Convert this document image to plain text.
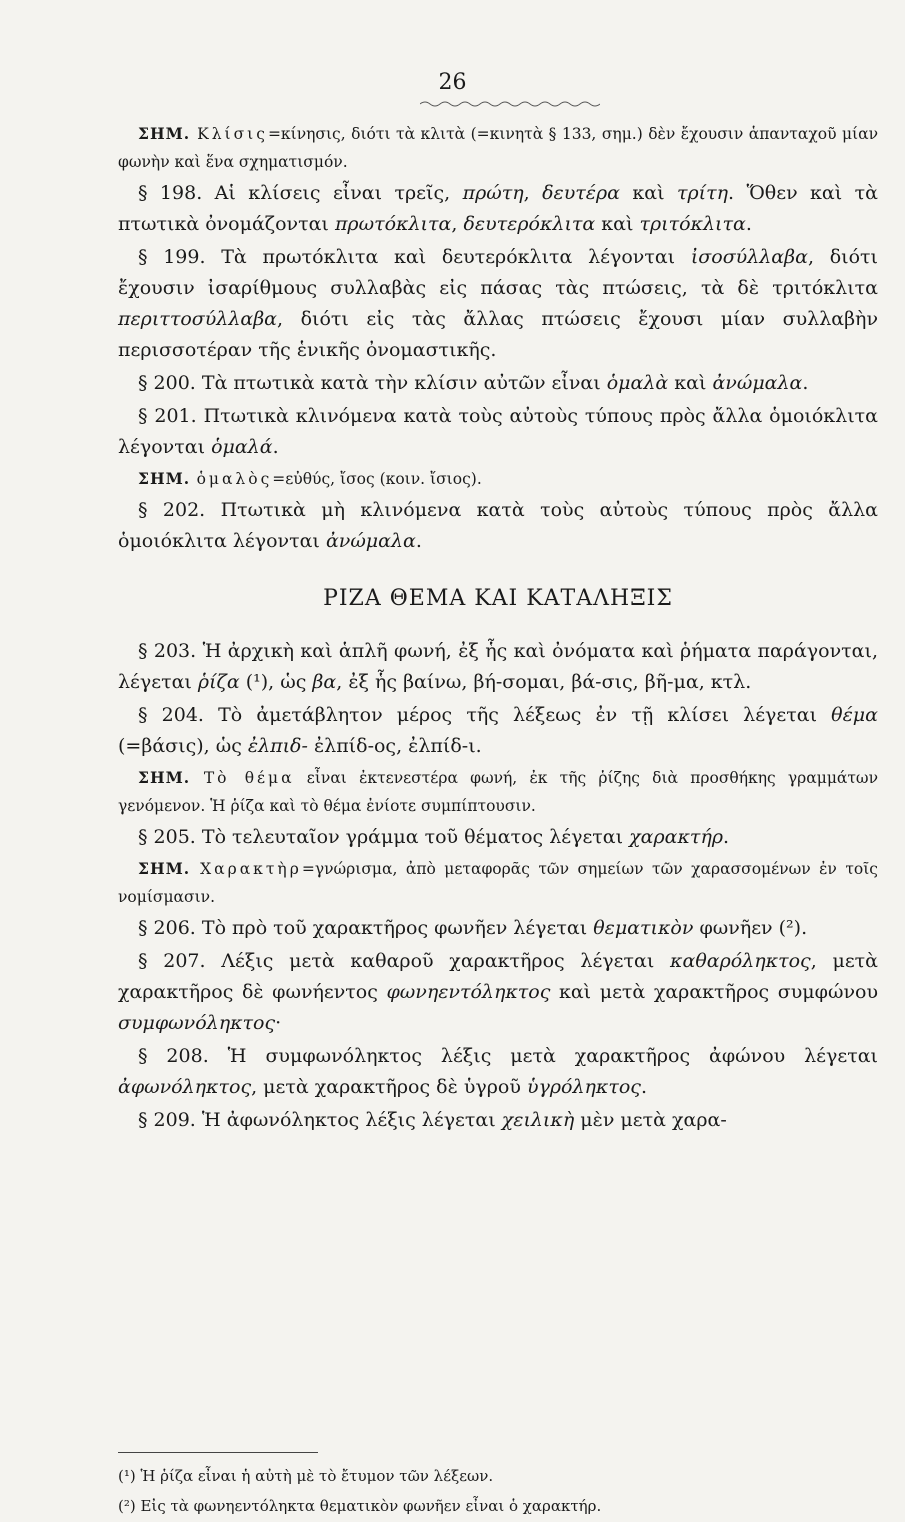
26

ΣΗΜ. Κλίσις=κίνησις, διότι τὰ κλιτὰ (=κινητὰ § 133, σημ.) δὲν ἔχουσιν ἁπανταχοῦ μίαν φωνὴν καὶ ἕνα σχηματισμόν.

§ 198. Αἱ κλίσεις εἶναι τρεῖς, πρώτη, δευτέρα καὶ τρίτη. Ὅθεν καὶ τὰ πτωτικὰ ὀνομάζονται πρωτόκλιτα, δευτερόκλιτα καὶ τριτόκλιτα.

§ 199. Τὰ πρωτόκλιτα καὶ δευτερόκλιτα λέγονται ἰσοσύλλαβα, διότι ἔχουσιν ἰσαρίθμους συλλαβὰς εἰς πάσας τὰς πτώσεις, τὰ δὲ τριτόκλιτα περιττοσύλλαβα, διότι εἰς τὰς ἄλλας πτώσεις ἔχουσι μίαν συλλαβὴν περισσοτέραν τῆς ἑνικῆς ὀνομαστικῆς.

§ 200. Τὰ πτωτικὰ κατὰ τὴν κλίσιν αὐτῶν εἶναι ὁμαλὰ καὶ ἀνώμαλα.

§ 201. Πτωτικὰ κλινόμενα κατὰ τοὺς αὐτοὺς τύπους πρὸς ἄλλα ὁμοιόκλιτα λέγονται ὁμαλά.

ΣΗΜ. ὁμαλὸς=εὐθύς, ἴσος (κοιν. ἴσιος).

§ 202. Πτωτικὰ μὴ κλινόμενα κατὰ τοὺς αὐτοὺς τύπους πρὸς ἄλλα ὁμοιόκλιτα λέγονται ἀνώμαλα.

ΡΙΖΑ ΘΕΜΑ ΚΑΙ ΚΑΤΑΛΗΞΙΣ

§ 203. Ἡ ἀρχικὴ καὶ ἁπλῆ φωνή, ἐξ ἧς καὶ ὀνόματα καὶ ῥήματα παράγονται, λέγεται ῥίζα (¹), ὡς βα, ἐξ ἧς βαίνω, βή-σομαι, βά-σις, βῆ-μα, κτλ.

§ 204. Τὸ ἀμετάβλητον μέρος τῆς λέξεως ἐν τῇ κλίσει λέγεται θέμα (=βάσις), ὡς ἐλπιδ- ἐλπίδ-ος, ἐλπίδ-ι.

ΣΗΜ. Τὸ θέμα εἶναι ἐκτενεστέρα φωνή, ἐκ τῆς ῥίζης διὰ προσθήκης γραμμάτων γενόμενον. Ἡ ῥίζα καὶ τὸ θέμα ἐνίοτε συμπίπτουσιν.

§ 205. Τὸ τελευταῖον γράμμα τοῦ θέματος λέγεται χαρακτήρ.

ΣΗΜ. Χαρακτὴρ=γνώρισμα, ἀπὸ μεταφορᾶς τῶν σημείων τῶν χαρασσομένων ἐν τοῖς νομίσμασιν.

§ 206. Τὸ πρὸ τοῦ χαρακτῆρος φωνῆεν λέγεται θεματικὸν φωνῆεν (²).

§ 207. Λέξις μετὰ καθαροῦ χαρακτῆρος λέγεται καθαρόληκτος, μετὰ χαρακτῆρος δὲ φωνήεντος φωνηεντόληκτος καὶ μετὰ χαρακτῆρος συμφώνου συμφωνόληκτος·

§ 208. Ἡ συμφωνόληκτος λέξις μετὰ χαρακτῆρος ἀφώνου λέγεται ἀφωνόληκτος, μετὰ χαρακτῆρος δὲ ὑγροῦ ὑγρόληκτος.

§ 209. Ἡ ἀφωνόληκτος λέξις λέγεται χειλικὴ μὲν μετὰ χαρα-

(¹) Ἡ ῥίζα εἶναι ἡ αὐτὴ μὲ τὸ ἔτυμον τῶν λέξεων.
(²) Εἰς τὰ φωνηεντόληκτα θεματικὸν φωνῆεν εἶναι ὁ χαρακτήρ.
